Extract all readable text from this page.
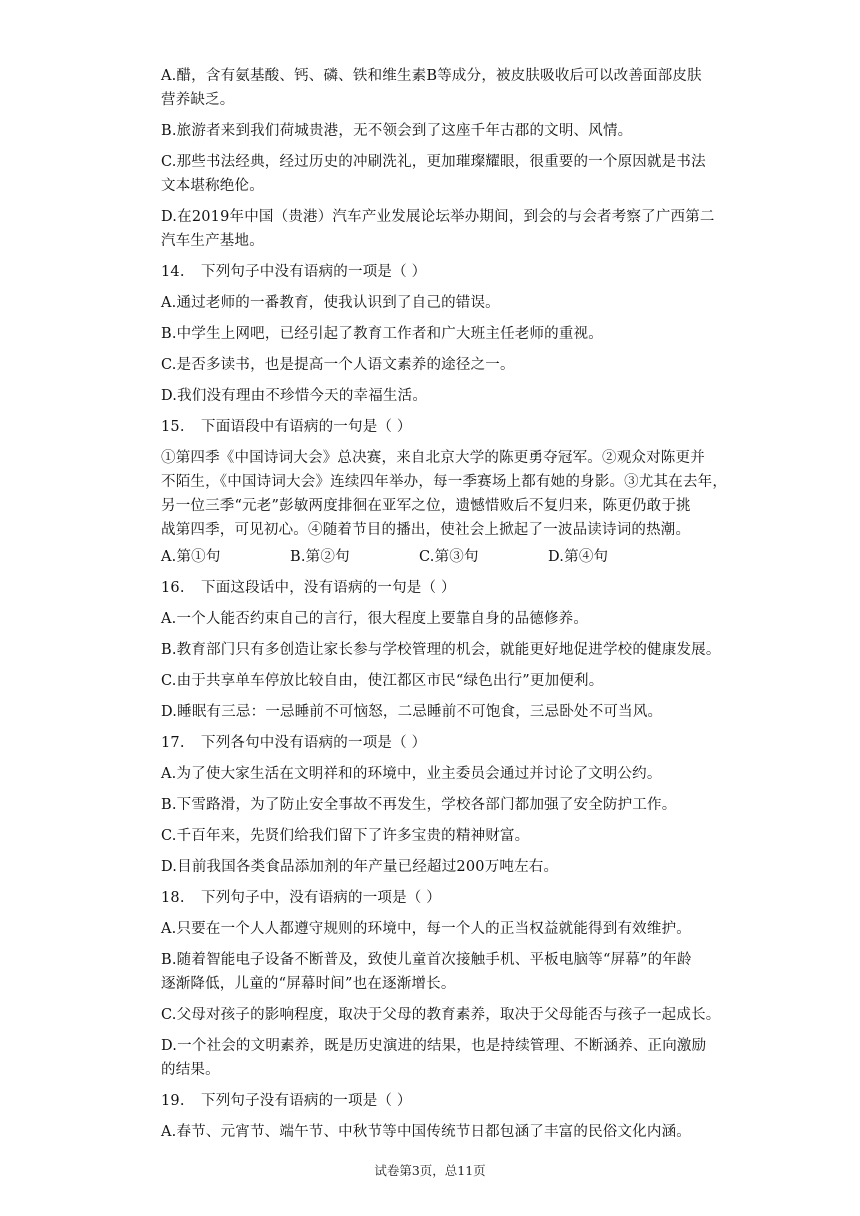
A.醋，含有氨基酸、钙、磷、铁和维生素B等成分，被皮肤吸收后可以改善面部皮肤
营养缺乏。
B.旅游者来到我们荷城贵港，无不领会到了这座千年古郡的文明、风情。
C.那些书法经典，经过历史的冲刷洗礼，更加璀璨耀眼，很重要的一个原因就是书法
文本堪称绝伦。
D.在2019年中国（贵港）汽车产业发展论坛举办期间，到会的与会者考察了广西第二
汽车生产基地。
14. 下列句子中没有语病的一项是（ ）
A.通过老师的一番教育，使我认识到了自己的错误。
B.中学生上网吧，已经引起了教育工作者和广大班主任老师的重视。
C.是否多读书，也是提高一个人语文素养的途径之一。
D.我们没有理由不珍惜今天的幸福生活。
15. 下面语段中有语病的一句是（ ）
①第四季《中国诗词大会》总决赛，来自北京大学的陈更勇夺冠军。②观众对陈更并
不陌生，《中国诗词大会》连续四年举办，每一季赛场上都有她的身影。③尤其在去年，
另一位三季“元老”彭敏两度排徊在亚军之位，遗憾惜败后不复归来，陈更仍敢于挑
战第四季，可见初心。④随着节目的播出，使社会上掀起了一波品读诗词的热潮。
A.第①句	B.第②句	C.第③句	D.第④句
16. 下面这段话中，没有语病的一句是（ ）
A.一个人能否约束自己的言行，很大程度上要靠自身的品德修养。
B.教育部门只有多创造让家长参与学校管理的机会，就能更好地促进学校的健康发展。
C.由于共享单车停放比较自由，使江都区市民“绿色出行”更加便利。
D.睡眠有三忌：一忌睡前不可恼怒，二忌睡前不可饱食，三忌卧处不可当风。
17. 下列各句中没有语病的一项是（ ）
A.为了使大家生活在文明祥和的环境中，业主委员会通过并讨论了文明公约。
B.下雪路滑，为了防止安全事故不再发生，学校各部门都加强了安全防护工作。
C.千百年来，先贤们给我们留下了许多宝贵的精神财富。
D.目前我国各类食品添加剂的年产量已经超过200万吨左右。
18. 下列句子中，没有语病的一项是（ ）
A.只要在一个人人都遵守规则的环境中，每一个人的正当权益就能得到有效维护。
B.随着智能电子设备不断普及，致使儿童首次接触手机、平板电脑等“屏幕”的年龄
逐渐降低，儿童的“屏幕时间”也在逐渐增长。
C.父母对孩子的影响程度，取决于父母的教育素养，取决于父母能否与孩子一起成长。
D.一个社会的文明素养，既是历史演进的结果，也是持续管理、不断涵养、正向激励
的结果。
19. 下列句子没有语病的一项是（ ）
A.春节、元宵节、端午节、中秋节等中国传统节日都包涵了丰富的民俗文化内涵。
试卷第3页，总11页
